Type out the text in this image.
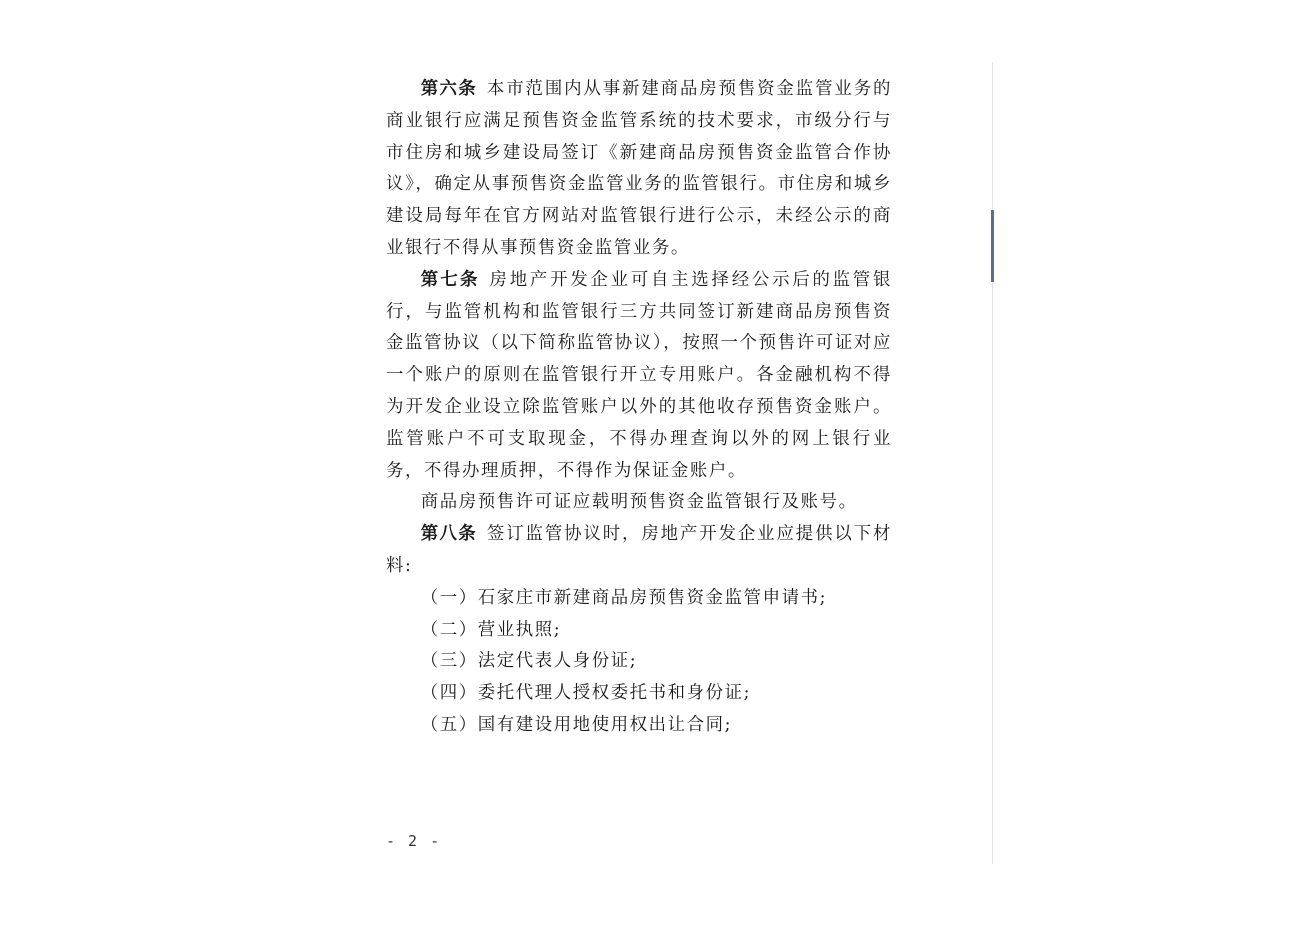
第六条 本市范围内从事新建商品房预售资金监管业务的商业银行应满足预售资金监管系统的技术要求，市级分行与市住房和城乡建设局签订《新建商品房预售资金监管合作协议》，确定从事预售资金监管业务的监管银行。市住房和城乡建设局每年在官方网站对监管银行进行公示，未经公示的商业银行不得从事预售资金监管业务。

第七条 房地产开发企业可自主选择经公示后的监管银行，与监管机构和监管银行三方共同签订新建商品房预售资金监管协议（以下简称监管协议），按照一个预售许可证对应一个账户的原则在监管银行开立专用账户。各金融机构不得为开发企业设立除监管账户以外的其他收存预售资金账户。监管账户不可支取现金，不得办理查询以外的网上银行业务，不得办理质押，不得作为保证金账户。

商品房预售许可证应载明预售资金监管银行及账号。

第八条 签订监管协议时，房地产开发企业应提供以下材料:

（一）石家庄市新建商品房预售资金监管申请书;

（二）营业执照;

（三）法定代表人身份证;

（四）委托代理人授权委托书和身份证;

（五）国有建设用地使用权出让合同;

- 2 -
